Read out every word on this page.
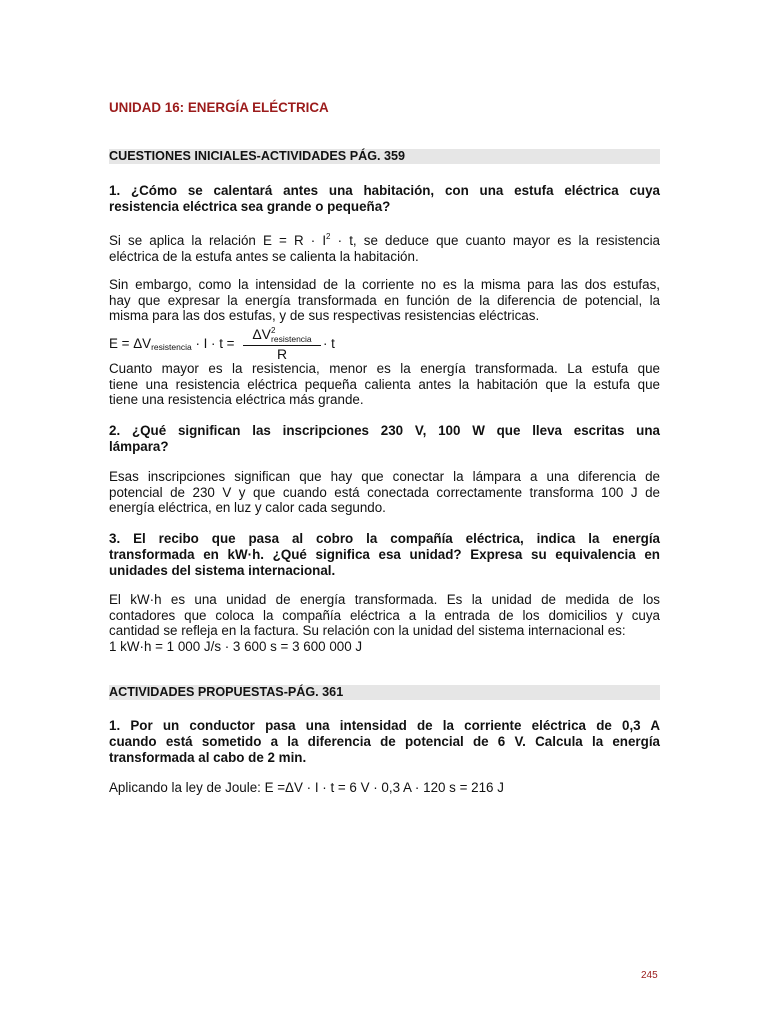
UNIDAD 16: ENERGÍA ELÉCTRICA
CUESTIONES INICIALES-ACTIVIDADES PÁG. 359
1. ¿Cómo se calentará antes una habitación, con una estufa eléctrica cuya
resistencia eléctrica sea grande o pequeña?
Si se aplica la relación $E = R \cdot I^2 \cdot t$, se deduce que cuanto mayor es la resistencia
eléctrica de la estufa antes se calienta la habitación.
Sin embargo, como la intensidad de la corriente no es la misma para las dos estufas,
hay que expresar la energía transformada en función de la diferencia de potencial, la
misma para las dos estufas, y de sus respectivas resistencias eléctricas.
$E = \Delta V_{resistencia} \cdot I \cdot t$ =
ΔV 2
resistencia
R
· t
Cuanto mayor es la resistencia, menor es la energía transformada. La estufa que
tiene una resistencia eléctrica pequeña calienta antes la habitación que la estufa que
tiene una resistencia eléctrica más grande.
2. ¿Qué significan las inscripciones 230 V, 100 W que lleva escritas una
lámpara?
Esas inscripciones significan que hay que conectar la lámpara a una diferencia de
potencial de 230 V y que cuando está conectada correctamente transforma 100 J de
energía eléctrica, en luz y calor cada segundo.
3. El recibo que pasa al cobro la compañía eléctrica, indica la energía
transformada en kW·h. ¿Qué significa esa unidad? Expresa su equivalencia en
unidades del sistema internacional.
El kW·h es una unidad de energía transformada. Es la unidad de medida de los
contadores que coloca la compañía eléctrica a la entrada de los domicilios y cuya
cantidad se refleja en la factura. Su relación con la unidad del sistema internacional es:
1 kW·h = 1 000 J/s · 3 600 s = 3 600 000 J
ACTIVIDADES PROPUESTAS-PÁG. 361
1. Por un conductor pasa una intensidad de la corriente eléctrica de 0,3 A
cuando está sometido a la diferencia de potencial de 6 V. Calcula la energía
transformada al cabo de 2 min.
Aplicando la ley de Joule: E =ΔV · I · t = 6 V · 0,3 A · 120 s = 216 J
245
